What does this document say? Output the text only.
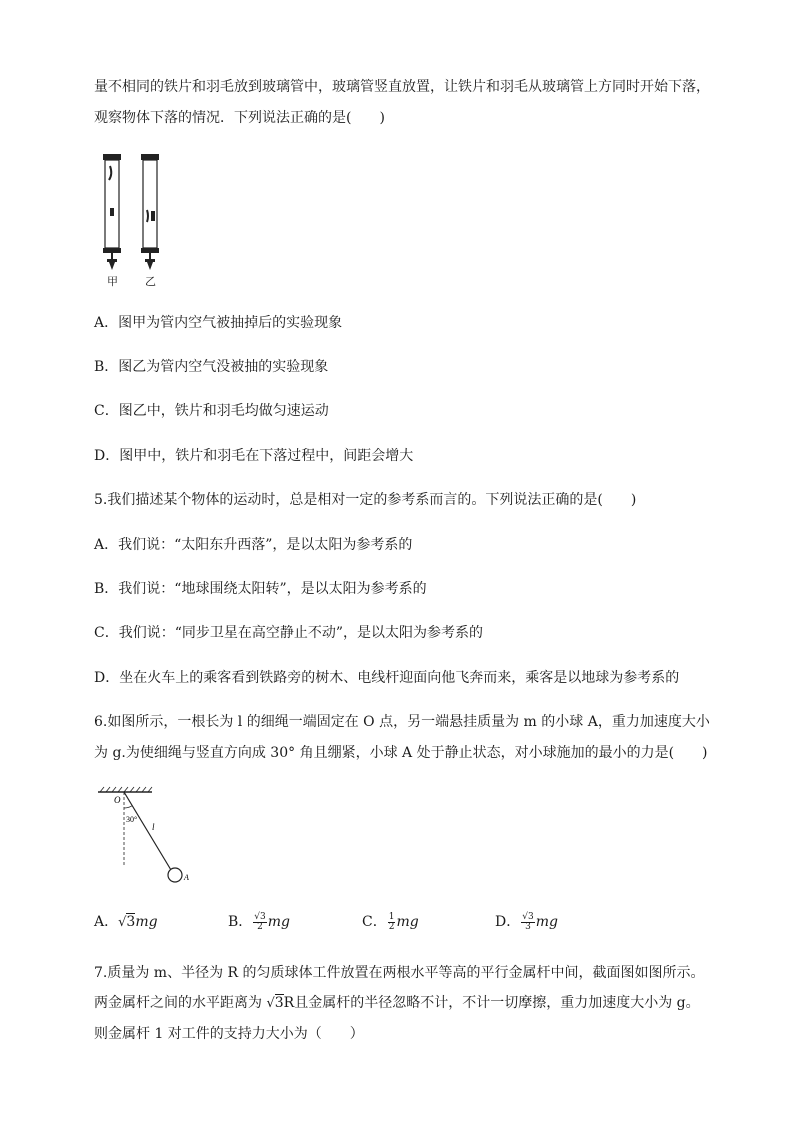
量不相同的铁片和羽毛放到玻璃管中，玻璃管竖直放置，让铁片和羽毛从玻璃管上方同时开始下落，
观察物体下落的情况．下列说法正确的是(　　)
甲 乙
A．图甲为管内空气被抽掉后的实验现象
B．图乙为管内空气没被抽的实验现象
C．图乙中，铁片和羽毛均做匀速运动
D．图甲中，铁片和羽毛在下落过程中，间距会增大
5.我们描述某个物体的运动时，总是相对一定的参考系而言的。下列说法正确的是(　　)
A．我们说：“太阳东升西落”，是以太阳为参考系的
B．我们说：“地球围绕太阳转”，是以太阳为参考系的
C．我们说：“同步卫星在高空静止不动”，是以太阳为参考系的
D．坐在火车上的乘客看到铁路旁的树木、电线杆迎面向他飞奔而来，乘客是以地球为参考系的
6.如图所示，一根长为 l 的细绳一端固定在 O 点，另一端悬挂质量为 m 的小球 A，重力加速度大小
为 g.为使细绳与竖直方向成 30° 角且绷紧，小球 A 处于静止状态，对小球施加的最小的力是(　　)
O
30°
l
A
A．√3mg	B． $\frac{√3}{2}$ mg	C． $\frac{1}{2}$ mg	D． $\frac{√3}{3}$ mg
7.质量为 m、半径为 R 的匀质球体工件放置在两根水平等高的平行金属杆中间，截面图如图所示。
两金属杆之间的水平距离为 √3R且金属杆的半径忽略不计，不计一切摩擦，重力加速度大小为 g。
则金属杆 1 对工件的支持力大小为（　　）
